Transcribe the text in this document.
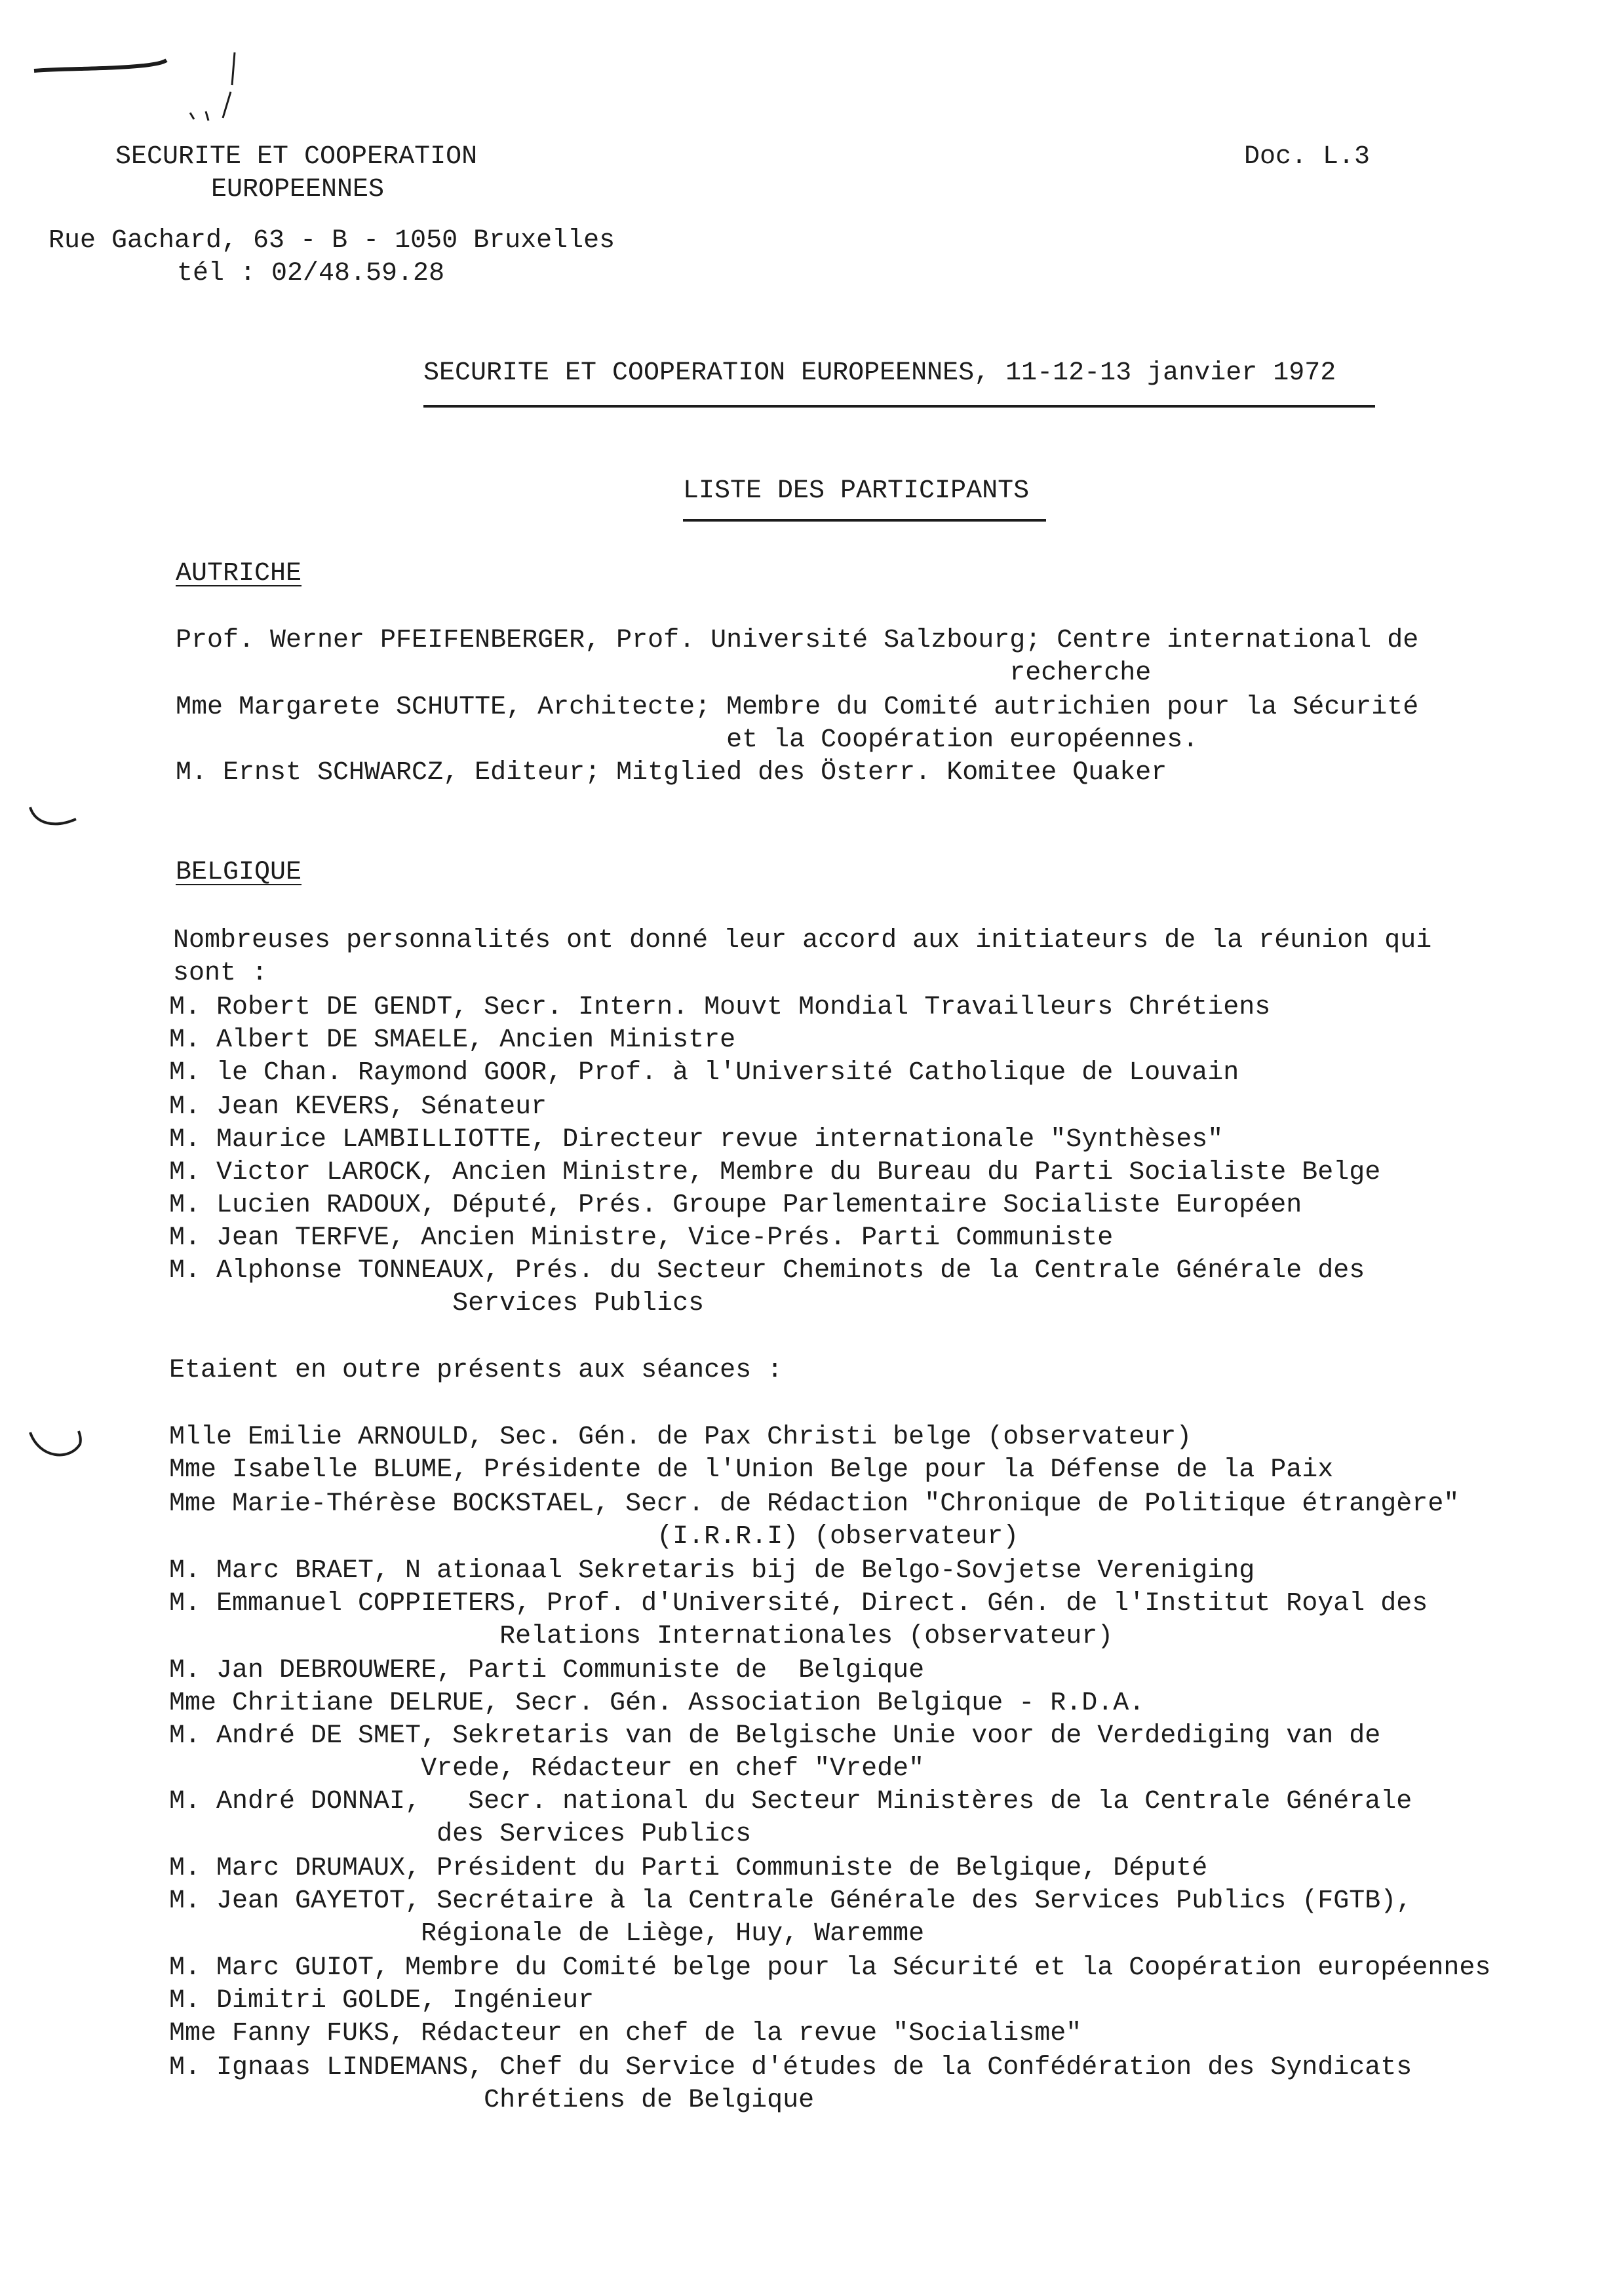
SECURITE ET COOPERATION

EUROPEENNES

Doc. L.3

Rue Gachard, 63 - B - 1050 Bruxelles

tél : 02/48.59.28

SECURITE ET COOPERATION EUROPEENNES, 11-12-13 janvier 1972

LISTE DES PARTICIPANTS

AUTRICHE

Prof. Werner PFEIFENBERGER, Prof. Université Salzbourg; Centre international de

recherche

Mme Margarete SCHUTTE, Architecte; Membre du Comité autrichien pour la Sécurité

et la Coopération européennes.

M. Ernst SCHWARCZ, Editeur; Mitglied des Österr. Komitee Quaker

BELGIQUE

Nombreuses personnalités ont donné leur accord aux initiateurs de la réunion qui

sont :

M. Robert DE GENDT, Secr. Intern. Mouvt Mondial Travailleurs Chrétiens

M. Albert DE SMAELE, Ancien Ministre

M. le Chan. Raymond GOOR, Prof. à l'Université Catholique de Louvain

M. Jean KEVERS, Sénateur

M. Maurice LAMBILLIOTTE, Directeur revue internationale "Synthèses"

M. Victor LAROCK, Ancien Ministre, Membre du Bureau du Parti Socialiste Belge

M. Lucien RADOUX, Député, Prés. Groupe Parlementaire Socialiste Européen

M. Jean TERFVE, Ancien Ministre, Vice-Prés. Parti Communiste

M. Alphonse TONNEAUX, Prés. du Secteur Cheminots de la Centrale Générale des

Services Publics

Etaient en outre présents aux séances :

Mlle Emilie ARNOULD, Sec. Gén. de Pax Christi belge (observateur)

Mme Isabelle BLUME, Présidente de l'Union Belge pour la Défense de la Paix

Mme Marie-Thérèse BOCKSTAEL, Secr. de Rédaction "Chronique de Politique étrangère"

(I.R.R.I) (observateur)

M. Marc BRAET, N ationaal Sekretaris bij de Belgo-Sovjetse Vereniging

M. Emmanuel COPPIETERS, Prof. d'Université, Direct. Gén. de l'Institut Royal des

Relations Internationales (observateur)

M. Jan DEBROUWERE, Parti Communiste de  Belgique

Mme Chritiane DELRUE, Secr. Gén. Association Belgique - R.D.A.

M. André DE SMET, Sekretaris van de Belgische Unie voor de Verdediging van de

Vrede, Rédacteur en chef "Vrede"

M. André DONNAI,   Secr. national du Secteur Ministères de la Centrale Générale

des Services Publics

M. Marc DRUMAUX, Président du Parti Communiste de Belgique, Député

M. Jean GAYETOT, Secrétaire à la Centrale Générale des Services Publics (FGTB),

Régionale de Liège, Huy, Waremme

M. Marc GUIOT, Membre du Comité belge pour la Sécurité et la Coopération européennes

M. Dimitri GOLDE, Ingénieur

Mme Fanny FUKS, Rédacteur en chef de la revue "Socialisme"

M. Ignaas LINDEMANS, Chef du Service d'études de la Confédération des Syndicats

Chrétiens de Belgique
